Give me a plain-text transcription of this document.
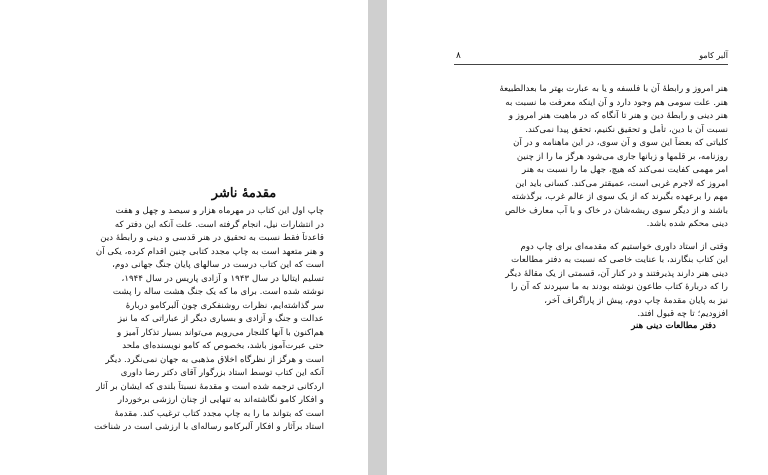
مقدمهٔ ناشر
چاپ اول این کتاب در مهرماه هزار و سیصد و چهل و هفت
در انتشارات نیل، انجام گرفته است. علت آنکه این دفتر که
قاعدتاً فقط نسبت به تحقیق در هنر قدسی و دینی و رابطهٔ دین
و هنر متعهد است به چاپ مجدد کتابی چنین اقدام کرده، یکی آن
است که این کتاب درست در سالهای پایان جنگ جهانی دوم،
تسلیم ایتالیا در سال ۱۹۴۳ و آزادی پاریس در سال ۱۹۴۴،
نوشته شده است. برای ما که یک جنگ هشت ساله را پشت
سر گذاشته‌ایم، نظرات روشنفکری چون آلبرکامو دربارهٔ
عدالت و جنگ و آزادی و بسیاری دیگر از عباراتی که ما نیز
هم‌اکنون با آنها کلنجار می‌رویم می‌تواند بسیار تذکار آمیز و
حتی عبرت‌آموز باشد، بخصوص که کامو نویسنده‌ای ملحد
است و هرگز از نظرگاه اخلاق مذهبی به جهان نمی‌نگرد. دیگر
آنکه این کتاب توسط استاد بزرگوار آقای دکتر رضا داوری
اردکانی ترجمه شده است و مقدمهٔ نسبتاً بلندی که ایشان بر آثار
و افکار کامو نگاشته‌اند به تنهایی از چنان ارزشی برخوردار
است که بتواند ما را به چاپ مجدد کتاب ترغیب کند. مقدمهٔ
استاد برآثار و افکار آلبرکامو رساله‌ای با ارزشی است در شناخت
۸	آلبر کامو
هنر امروز و رابطهٔ آن با فلسفه و یا به عبارت بهتر ما بعدالطبیعهٔ
هنر. علت سومی هم وجود دارد و آن اینکه معرفت ما نسبت به
هنر دینی و رابطهٔ دین و هنر تا آنگاه که در ماهیت هنر امروز و
نسبت آن با دین، تأمل و تحقیق نکنیم، تحقق پیدا نمی‌کند.
کلیاتی که بعضاً این سوی و آن سوی، در این ماهنامه و در آن
روزنامه، بر قلمها و زبانها جاری می‌شود هرگز ما را از چنین
امر مهمی کفایت نمی‌کند که هیچ، جهل ما را نسبت به هنر
امروز که لاجرم غربی است، عمیقتر می‌کند. کسانی باید این
مهم را برعهده بگیرند که از یک سوی از عالم غرب، برگذشته
باشند و از دیگر سوی ریشه‌شان در خاک و با آب معارف خالص
دینی محکم شده باشد.
وقتی از استاد داوری خواستیم که مقدمه‌ای برای چاپ دوم
این کتاب بنگارند، با عنایت خاصی که نسبت به دفتر مطالعات
دینی هنر دارند پذیرفتند و در کنار آن، قسمتی از یک مقالهٔ دیگر
را که دربارهٔ کتاب طاعون نوشته بودند به ما سپردند که آن را
نیز به پایان مقدمهٔ چاپ دوم، پیش از پاراگراف آخر،
افزودیم؛ تا چه قبول افتد.
دفتر مطالعات دینی هنر
